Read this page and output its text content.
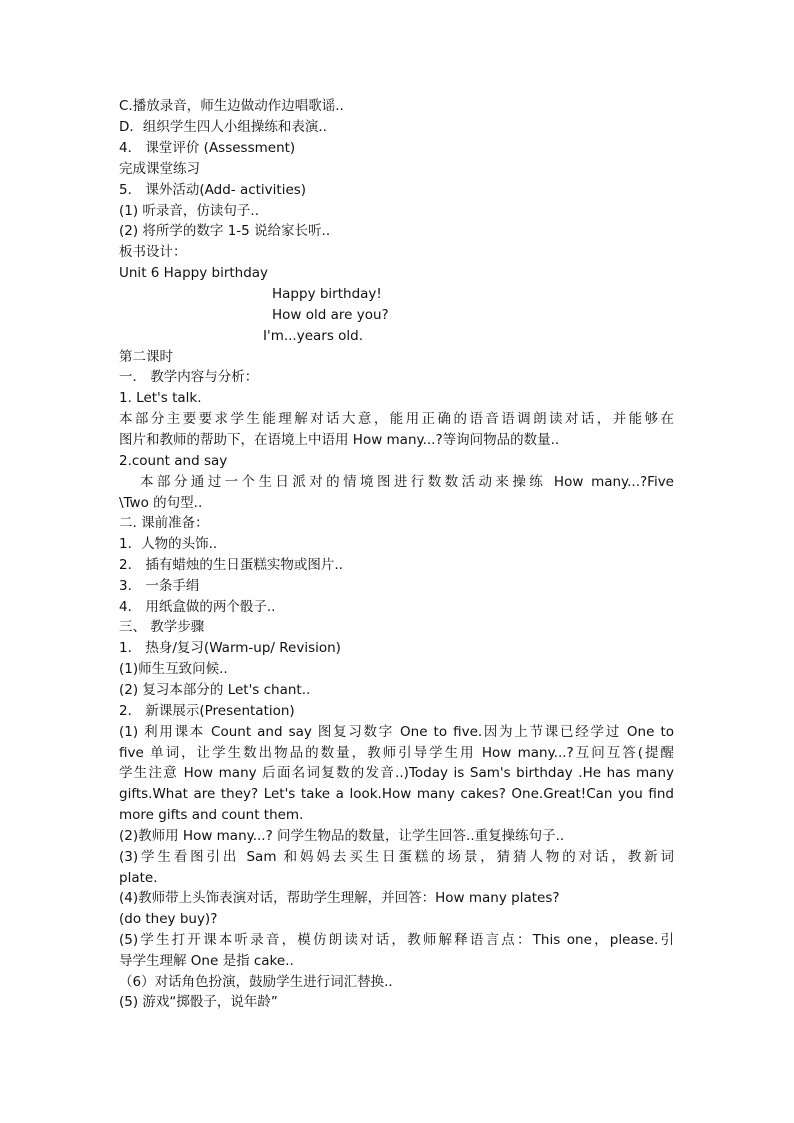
C.播放录音，师生边做动作边唱歌谣..
D．组织学生四人小组操练和表演..
4． 课堂评价 (Assessment)
完成课堂练习
5． 课外活动(Add- activities)
(1) 听录音，仿读句子..
(2) 将所学的数字 1-5 说给家长听..
板书设计：
Unit 6 Happy birthday
Happy birthday!
How old are you?
I'm...years old.
第二课时
一． 教学内容与分析：
1. Let's talk.
本部分主要要求学生能理解对话大意，能用正确的语音语调朗读对话，并能够在
图片和教师的帮助下，在语境上中语用 How many...?等询问物品的数量..
2.count and say
本部分通过一个生日派对的情境图进行数数活动来操练 How many...?Five
\Two 的句型..
二. 课前准备：
1．人物的头饰..
2． 插有蜡烛的生日蛋糕实物或图片..
3． 一条手绢
4． 用纸盒做的两个骰子..
三、 教学步骤
1． 热身/复习(Warm-up/ Revision)
(1)师生互致问候..
(2) 复习本部分的 Let's chant..
2． 新课展示(Presentation)
(1) 利用课本 Count and say 图复习数字 One to five.因为上节课已经学过 One to
five 单词，让学生数出物品的数量，教师引导学生用 How many...?互问互答(提醒
学生注意 How many 后面名词复数的发音..)Today is Sam's birthday .He has many
gifts.What are they? Let's take a look.How many cakes? One.Great!Can you find
more gifts and count them.
(2)教师用 How many...? 问学生物品的数量，让学生回答..重复操练句子..
(3)学生看图引出 Sam 和妈妈去买生日蛋糕的场景，猜猜人物的对话，教新词
plate.
(4)教师带上头饰表演对话，帮助学生理解，并回答：How many plates?
(do they buy)?
(5)学生打开课本听录音，模仿朗读对话，教师解释语言点：This one，please.引
导学生理解 One 是指 cake..
（6）对话角色扮演，鼓励学生进行词汇替换..
(5) 游戏“掷骰子，说年龄”
